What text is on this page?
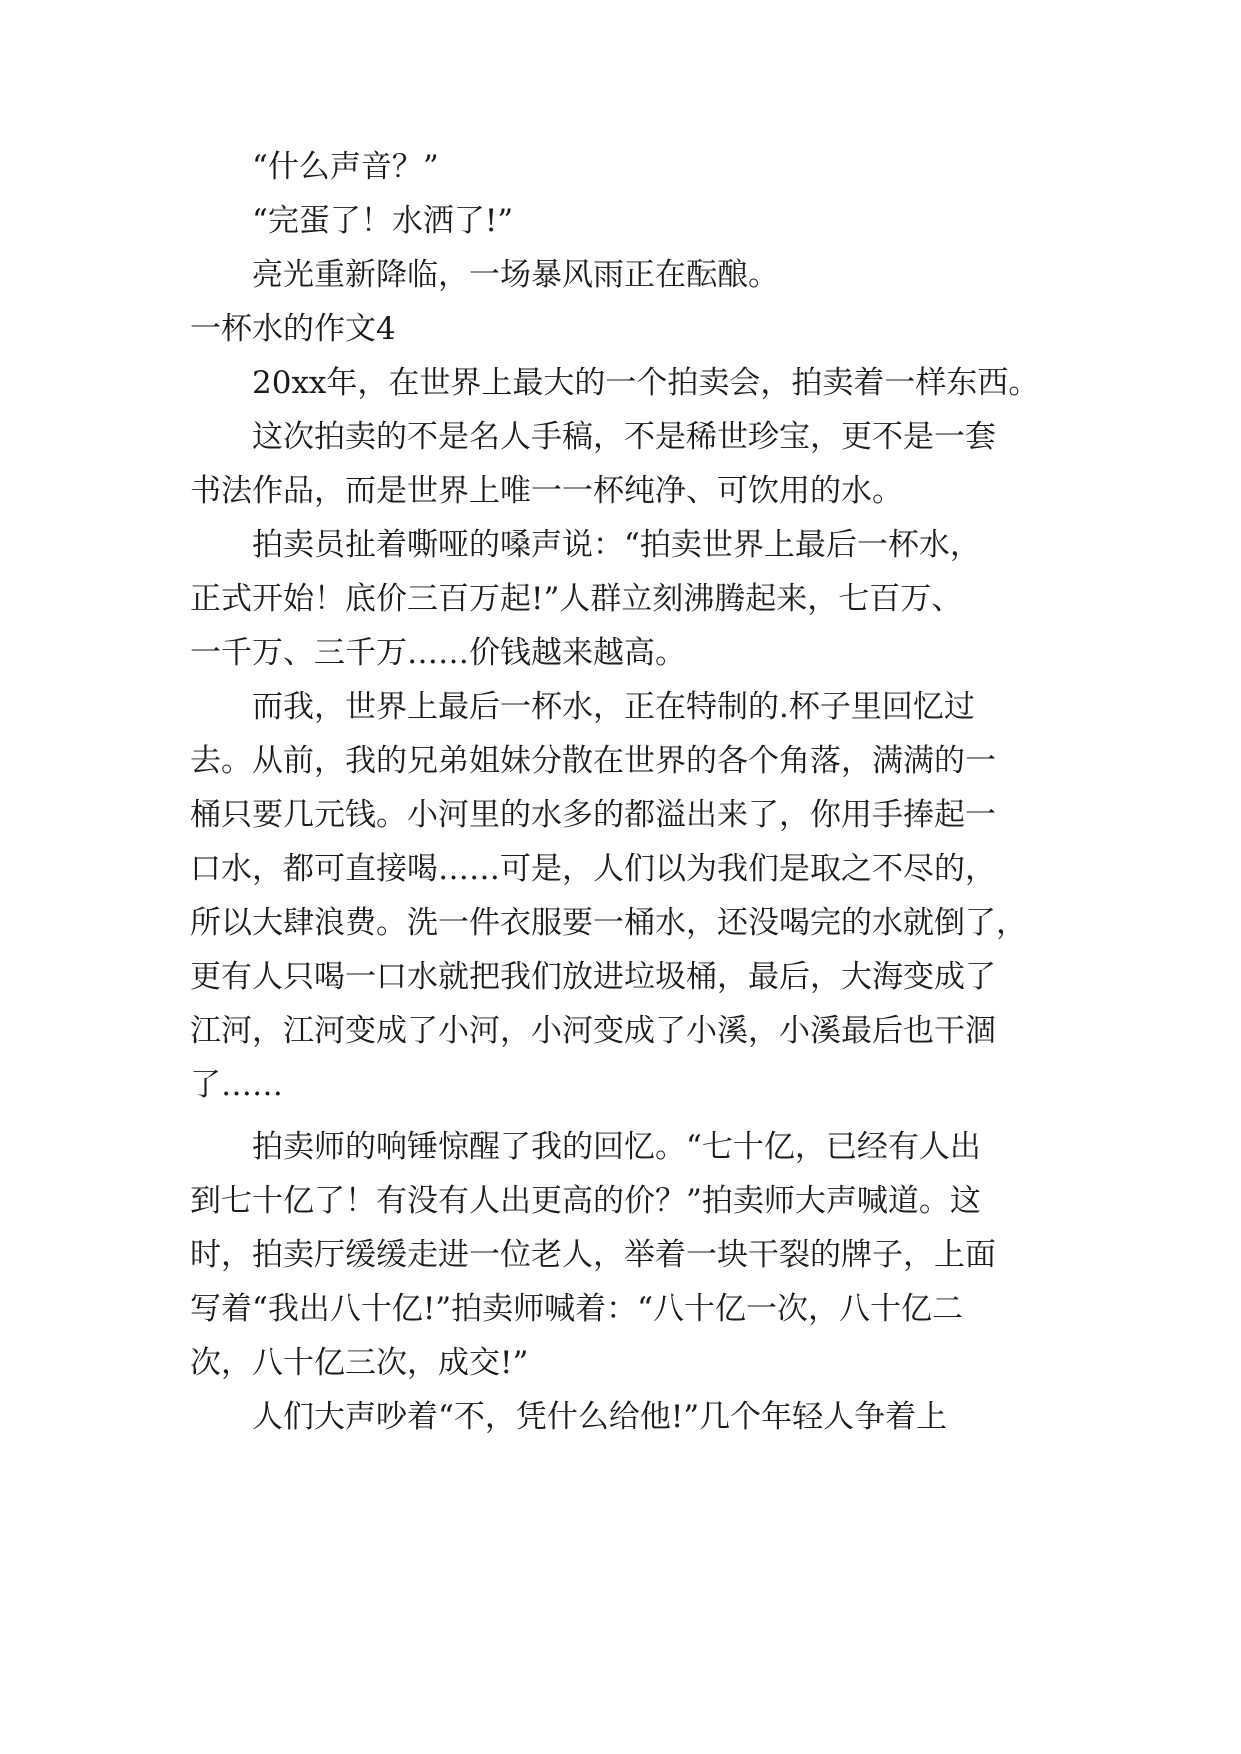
“什么声音？”
“完蛋了！水洒了!”
亮光重新降临，一场暴风雨正在酝酿。
一杯水的作文4
20xx年，在世界上最大的一个拍卖会，拍卖着一样东西。
这次拍卖的不是名人手稿，不是稀世珍宝，更不是一套
书法作品，而是世界上唯一一杯纯净、可饮用的水。
拍卖员扯着嘶哑的嗓声说：“拍卖世界上最后一杯水，
正式开始！底价三百万起!”人群立刻沸腾起来，七百万、
一千万、三千万……价钱越来越高。
而我，世界上最后一杯水，正在特制的.杯子里回忆过
去。从前，我的兄弟姐妹分散在世界的各个角落，满满的一
桶只要几元钱。小河里的水多的都溢出来了，你用手捧起一
口水，都可直接喝……可是，人们以为我们是取之不尽的，
所以大肆浪费。洗一件衣服要一桶水，还没喝完的水就倒了，
更有人只喝一口水就把我们放进垃圾桶，最后，大海变成了
江河，江河变成了小河，小河变成了小溪，小溪最后也干涸
了……
拍卖师的响锤惊醒了我的回忆。“七十亿，已经有人出
到七十亿了！有没有人出更高的价？”拍卖师大声喊道。这
时，拍卖厅缓缓走进一位老人，举着一块干裂的牌子，上面
写着“我出八十亿!”拍卖师喊着：“八十亿一次，八十亿二
次，八十亿三次，成交!”
人们大声吵着“不，凭什么给他!”几个年轻人争着上
